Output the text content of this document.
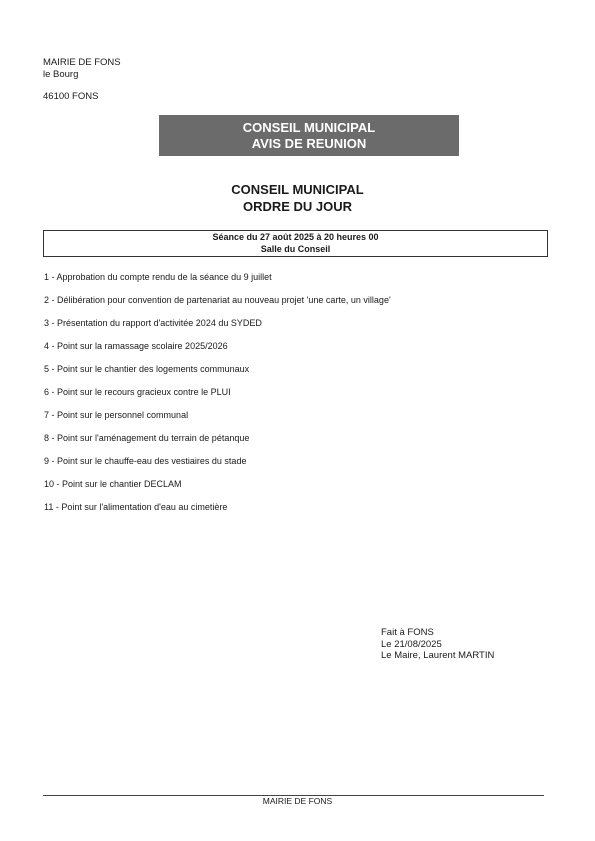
MAIRIE DE FONS
le Bourg
46100 FONS
CONSEIL MUNICIPAL
AVIS DE REUNION
CONSEIL MUNICIPAL
ORDRE DU JOUR
Séance du 27 août 2025 à 20 heures 00
Salle du Conseil
1 - Approbation du compte rendu de la séance du 9 juillet
2 - Délibération pour convention de partenariat au nouveau projet 'une carte, un village'
3 - Présentation du rapport d'activitée 2024 du SYDED
4 - Point sur la ramassage scolaire 2025/2026
5 - Point sur le chantier des logements communaux
6 - Point sur le recours gracieux contre le PLUI
7 - Point sur le personnel communal
8 - Point sur l'aménagement du terrain de pétanque
9 - Point sur le chauffe-eau des vestiaires du stade
10 - Point sur le chantier DECLAM
11 - Point sur l'alimentation d'eau au cimetière
Fait à FONS
Le 21/08/2025
Le Maire, Laurent MARTIN
MAIRIE DE FONS
